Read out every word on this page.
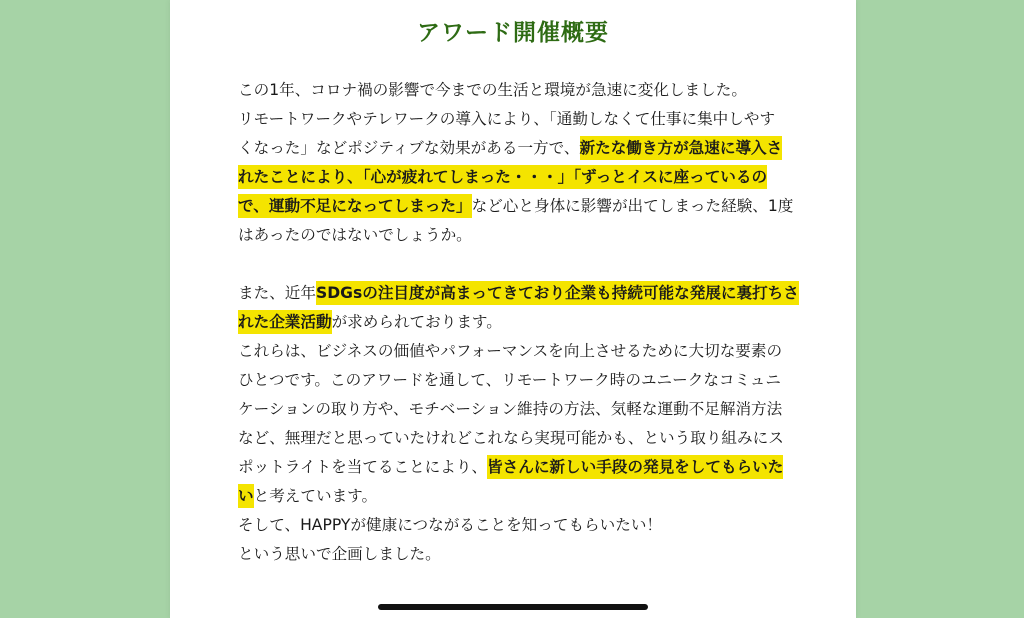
アワード開催概要
この1年、コロナ禍の影響で今までの生活と環境が急速に変化しました。
リモートワークやテレワークの導入により、「通勤しなくて仕事に集中しやす
くなった」などポジティブな効果がある一方で、新たな働き方が急速に導入さ
れたことにより、「心が疲れてしまった・・・」「ずっとイスに座っているの
で、運動不足になってしまった」など心と身体に影響が出てしまった経験、1度
はあったのではないでしょうか。
また、近年SDGsの注目度が高まってきており企業も持続可能な発展に裏打ちさ
れた企業活動が求められております。
これらは、ビジネスの価値やパフォーマンスを向上させるために大切な要素の
ひとつです。このアワードを通して、リモートワーク時のユニークなコミュニ
ケーションの取り方や、モチベーション維持の方法、気軽な運動不足解消方法
など、無理だと思っていたけれどこれなら実現可能かも、という取り組みにス
ポットライトを当てることにより、皆さんに新しい手段の発見をしてもらいた
いと考えています。
そして、HAPPYが健康につながることを知ってもらいたい！
という思いで企画しました。
